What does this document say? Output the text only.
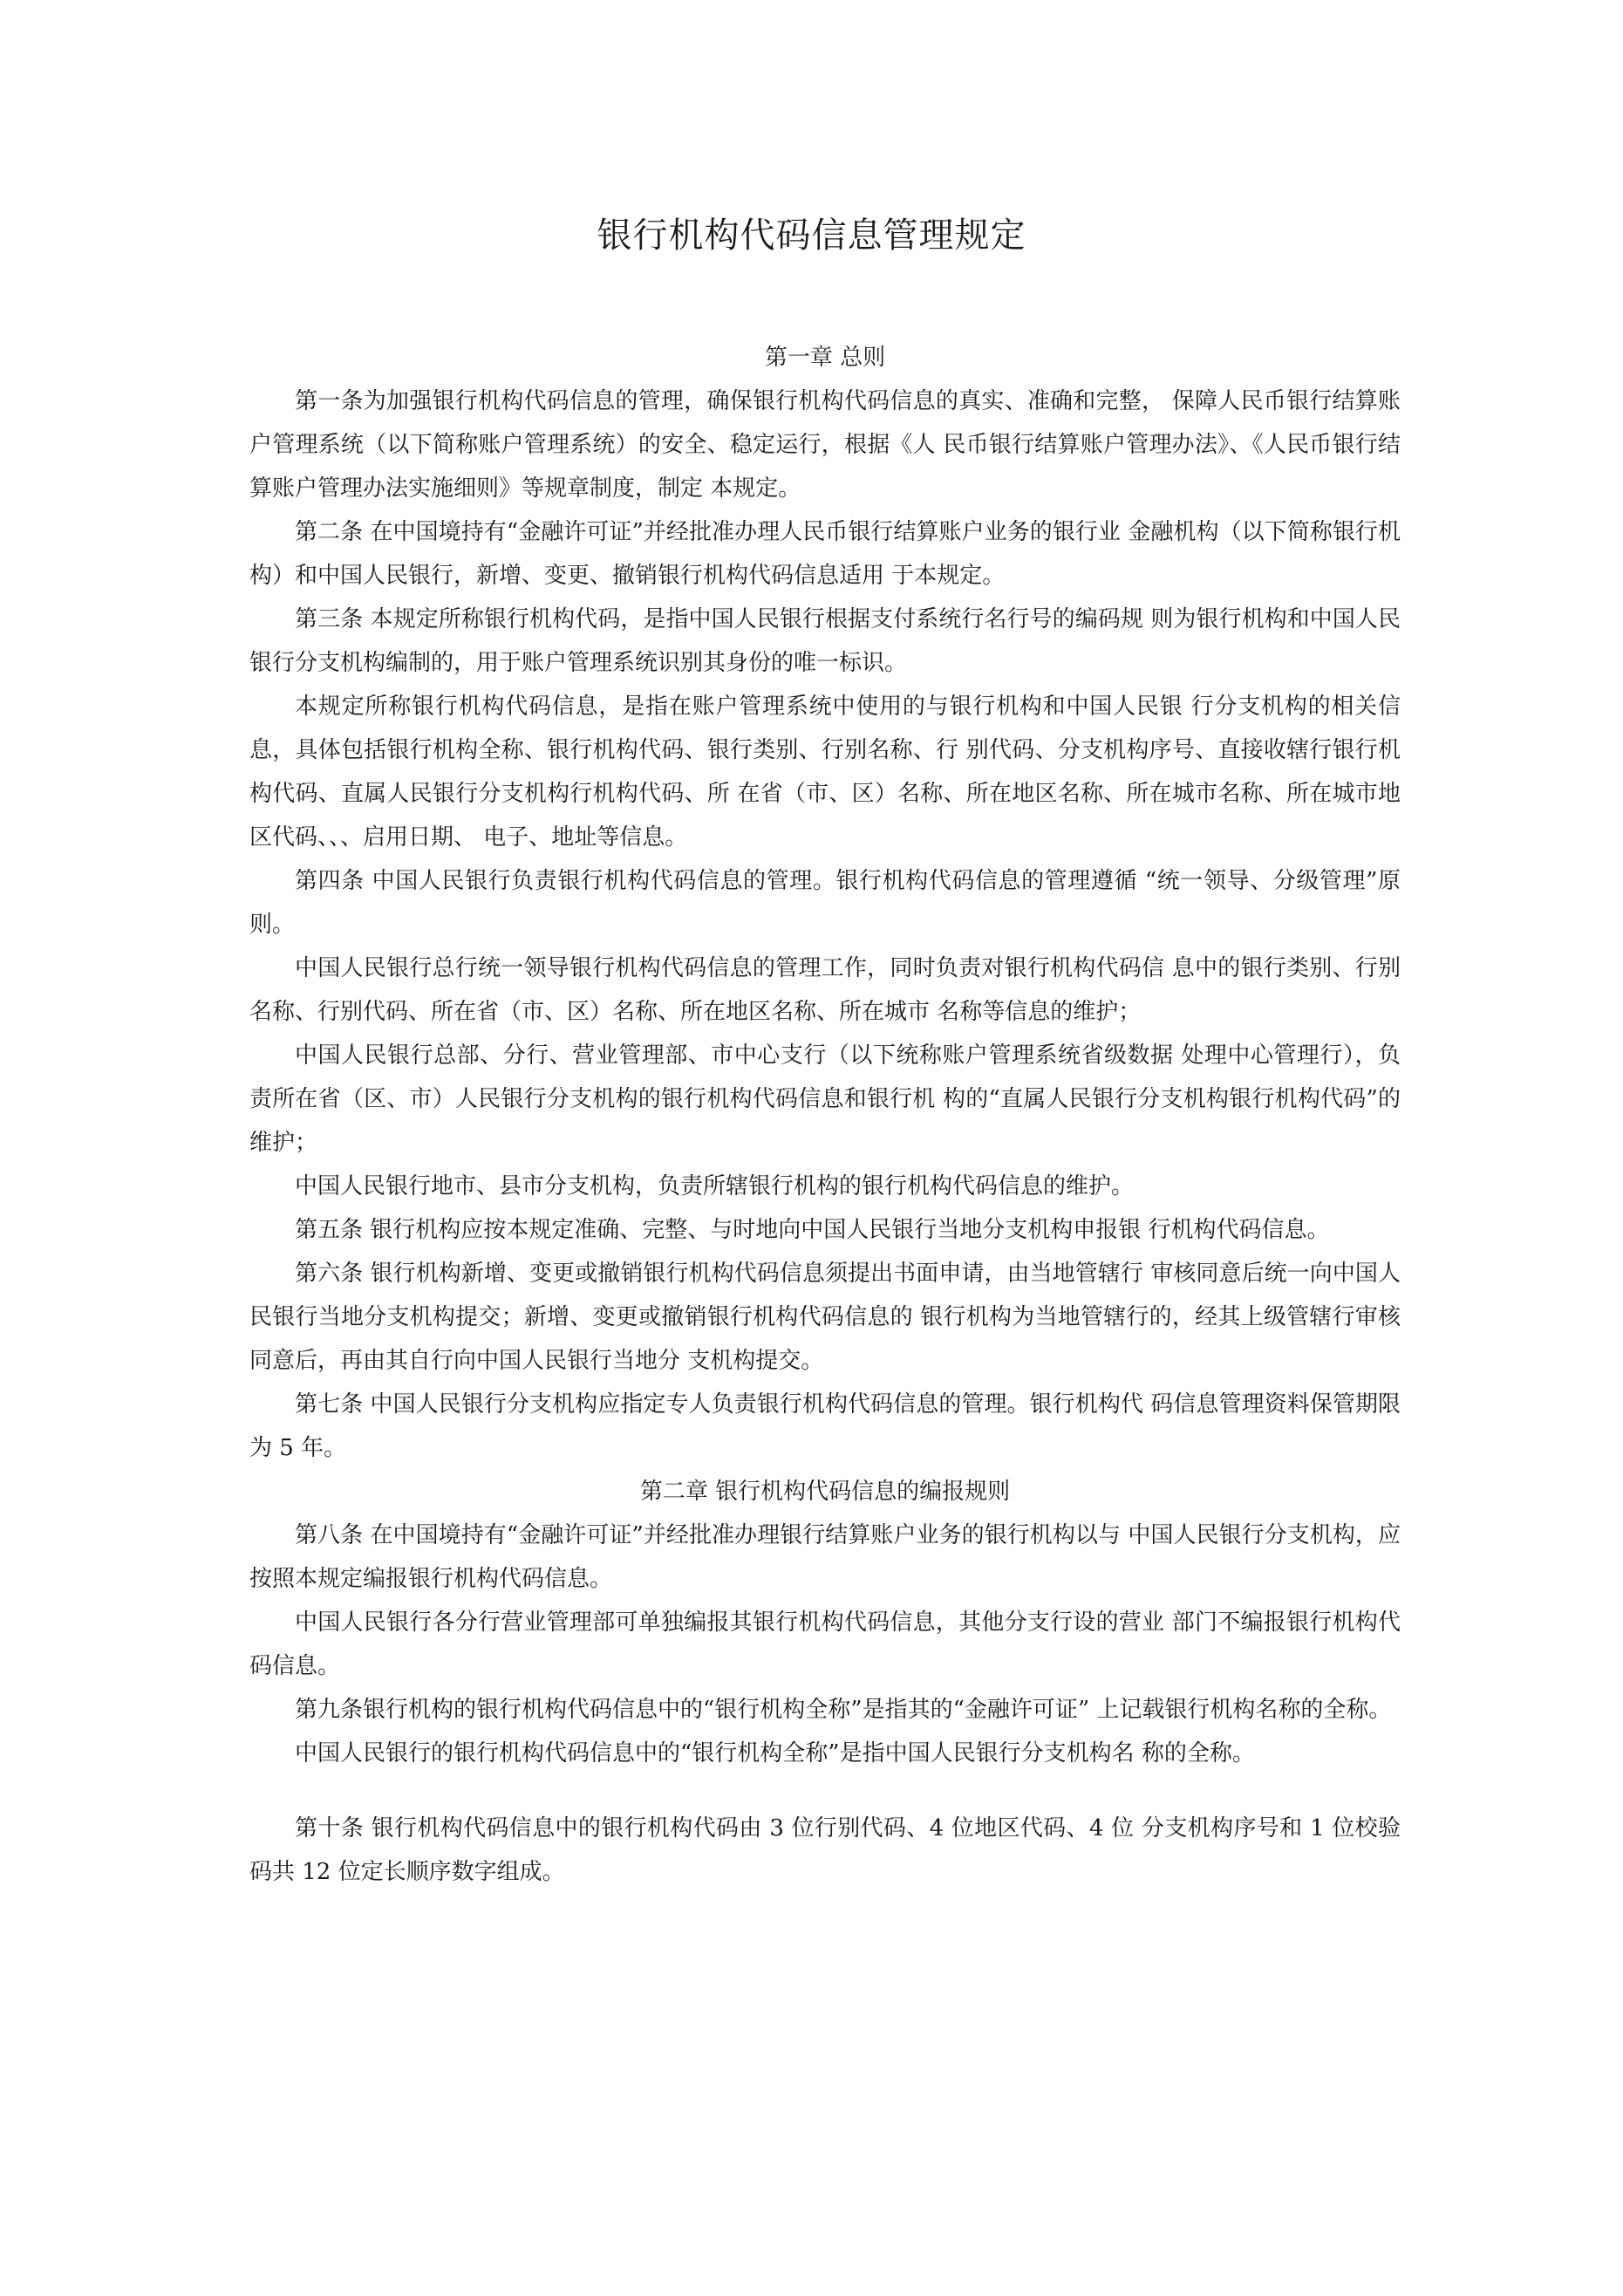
银行机构代码信息管理规定

第一章 总则

第一条为加强银行机构代码信息的管理，确保银行机构代码信息的真实、准确和完整， 保障人民币银行结算账户管理系统（以下简称账户管理系统）的安全、稳定运行，根据《人 民币银行结算账户管理办法》、《人民币银行结算账户管理办法实施细则》等规章制度，制定 本规定。

第二条 在中国境持有“金融许可证”并经批准办理人民币银行结算账户业务的银行业 金融机构（以下简称银行机构）和中国人民银行，新增、变更、撤销银行机构代码信息适用 于本规定。

第三条 本规定所称银行机构代码，是指中国人民银行根据支付系统行名行号的编码规 则为银行机构和中国人民银行分支机构编制的，用于账户管理系统识别其身份的唯一标识。

本规定所称银行机构代码信息，是指在账户管理系统中使用的与银行机构和中国人民银 行分支机构的相关信息，具体包括银行机构全称、银行机构代码、银行类别、行别名称、行 别代码、分支机构序号、直接收辖行银行机构代码、直属人民银行分支机构行机构代码、所 在省（市、区）名称、所在地区名称、所在城市名称、所在城市地区代码、、、启用日期、 电子、地址等信息。

第四条 中国人民银行负责银行机构代码信息的管理。银行机构代码信息的管理遵循 “统一领导、分级管理”原则。

中国人民银行总行统一领导银行机构代码信息的管理工作，同时负责对银行机构代码信 息中的银行类别、行别名称、行别代码、所在省（市、区）名称、所在地区名称、所在城市 名称等信息的维护；

中国人民银行总部、分行、营业管理部、市中心支行（以下统称账户管理系统省级数据 处理中心管理行），负责所在省（区、市）人民银行分支机构的银行机构代码信息和银行机 构的“直属人民银行分支机构银行机构代码”的维护；

中国人民银行地市、县市分支机构，负责所辖银行机构的银行机构代码信息的维护。

第五条 银行机构应按本规定准确、完整、与时地向中国人民银行当地分支机构申报银 行机构代码信息。

第六条 银行机构新增、变更或撤销银行机构代码信息须提出书面申请，由当地管辖行 审核同意后统一向中国人民银行当地分支机构提交；新增、变更或撤销银行机构代码信息的 银行机构为当地管辖行的，经其上级管辖行审核同意后，再由其自行向中国人民银行当地分 支机构提交。

第七条 中国人民银行分支机构应指定专人负责银行机构代码信息的管理。银行机构代 码信息管理资料保管期限为 5 年。

第二章 银行机构代码信息的编报规则

第八条 在中国境持有“金融许可证”并经批准办理银行结算账户业务的银行机构以与 中国人民银行分支机构，应按照本规定编报银行机构代码信息。

中国人民银行各分行营业管理部可单独编报其银行机构代码信息，其他分支行设的营业 部门不编报银行机构代码信息。

第九条银行机构的银行机构代码信息中的“银行机构全称”是指其的“金融许可证” 上记载银行机构名称的全称。

中国人民银行的银行机构代码信息中的“银行机构全称”是指中国人民银行分支机构名 称的全称。

第十条 银行机构代码信息中的银行机构代码由 3 位行别代码、4 位地区代码、4 位 分支机构序号和 1 位校验码共 12 位定长顺序数字组成。
